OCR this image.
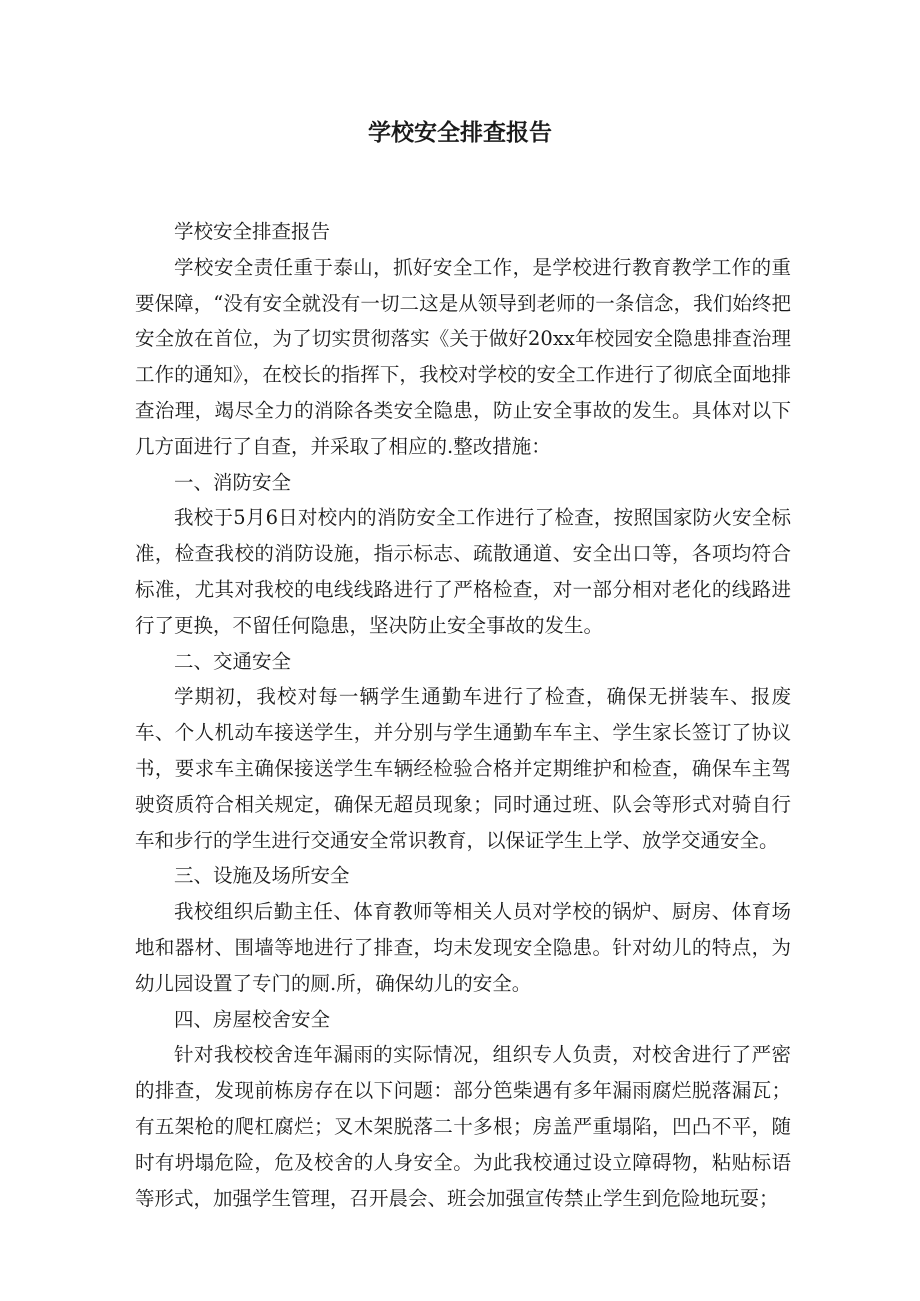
学校安全排查报告

学校安全排查报告

学校安全责任重于泰山，抓好安全工作，是学校进行教育教学工作的重要保障，“没有安全就没有一切二这是从领导到老师的一条信念，我们始终把安全放在首位，为了切实贯彻落实《关于做好20xx年校园安全隐患排查治理工作的通知》，在校长的指挥下，我校对学校的安全工作进行了彻底全面地排查治理，竭尽全力的消除各类安全隐患，防止安全事故的发生。具体对以下几方面进行了自查，并采取了相应的.整改措施：

一、消防安全

我校于5月6日对校内的消防安全工作进行了检查，按照国家防火安全标准，检查我校的消防设施，指示标志、疏散通道、安全出口等，各项均符合标准，尤其对我校的电线线路进行了严格检查，对一部分相对老化的线路进行了更换，不留任何隐患，坚决防止安全事故的发生。

二、交通安全

学期初，我校对每一辆学生通勤车进行了检查，确保无拼装车、报废车、个人机动车接送学生，并分别与学生通勤车车主、学生家长签订了协议书，要求车主确保接送学生车辆经检验合格并定期维护和检查，确保车主驾驶资质符合相关规定，确保无超员现象；同时通过班、队会等形式对骑自行车和步行的学生进行交通安全常识教育，以保证学生上学、放学交通安全。

三、设施及场所安全

我校组织后勤主任、体育教师等相关人员对学校的锅炉、厨房、体育场地和器材、围墙等地进行了排查，均未发现安全隐患。针对幼儿的特点，为幼儿园设置了专门的厕.所，确保幼儿的安全。

四、房屋校舍安全

针对我校校舍连年漏雨的实际情况，组织专人负责，对校舍进行了严密的排查，发现前栋房存在以下问题：部分笆柴遇有多年漏雨腐烂脱落漏瓦；有五架枪的爬杠腐烂；叉木架脱落二十多根；房盖严重塌陷，凹凸不平，随时有坍塌危险，危及校舍的人身安全。为此我校通过设立障碍物，粘贴标语等形式，加强学生管理，召开晨会、班会加强宣传禁止学生到危险地玩耍；
